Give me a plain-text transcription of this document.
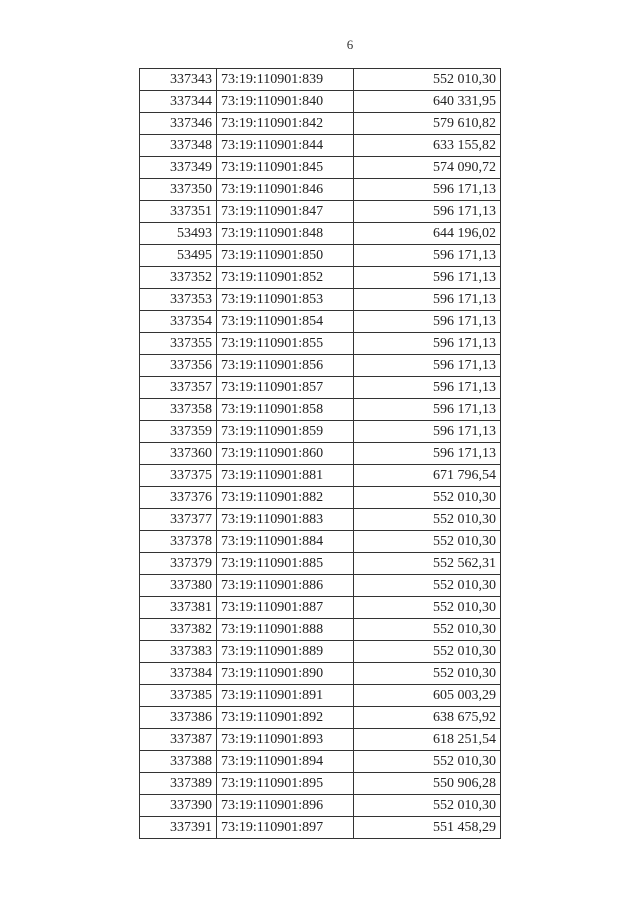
6
337343	73:19:110901:839	552 010,30
337344	73:19:110901:840	640 331,95
337346	73:19:110901:842	579 610,82
337348	73:19:110901:844	633 155,82
337349	73:19:110901:845	574 090,72
337350	73:19:110901:846	596 171,13
337351	73:19:110901:847	596 171,13
53493	73:19:110901:848	644 196,02
53495	73:19:110901:850	596 171,13
337352	73:19:110901:852	596 171,13
337353	73:19:110901:853	596 171,13
337354	73:19:110901:854	596 171,13
337355	73:19:110901:855	596 171,13
337356	73:19:110901:856	596 171,13
337357	73:19:110901:857	596 171,13
337358	73:19:110901:858	596 171,13
337359	73:19:110901:859	596 171,13
337360	73:19:110901:860	596 171,13
337375	73:19:110901:881	671 796,54
337376	73:19:110901:882	552 010,30
337377	73:19:110901:883	552 010,30
337378	73:19:110901:884	552 010,30
337379	73:19:110901:885	552 562,31
337380	73:19:110901:886	552 010,30
337381	73:19:110901:887	552 010,30
337382	73:19:110901:888	552 010,30
337383	73:19:110901:889	552 010,30
337384	73:19:110901:890	552 010,30
337385	73:19:110901:891	605 003,29
337386	73:19:110901:892	638 675,92
337387	73:19:110901:893	618 251,54
337388	73:19:110901:894	552 010,30
337389	73:19:110901:895	550 906,28
337390	73:19:110901:896	552 010,30
337391	73:19:110901:897	551 458,29
